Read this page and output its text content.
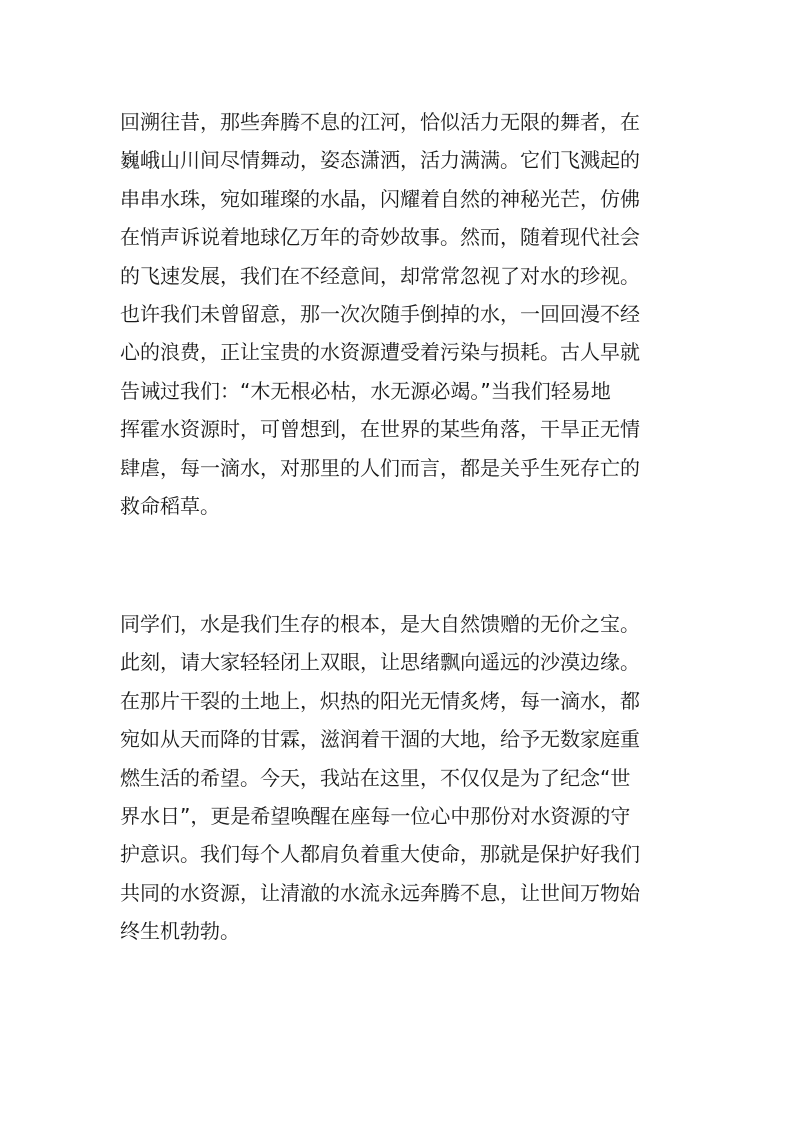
回溯往昔，那些奔腾不息的江河，恰似活力无限的舞者，在
巍峨山川间尽情舞动，姿态潇洒，活力满满。它们飞溅起的
串串水珠，宛如璀璨的水晶，闪耀着自然的神秘光芒，仿佛
在悄声诉说着地球亿万年的奇妙故事。然而，随着现代社会
的飞速发展，我们在不经意间，却常常忽视了对水的珍视。
也许我们未曾留意，那一次次随手倒掉的水，一回回漫不经
心的浪费，正让宝贵的水资源遭受着污染与损耗。古人早就
告诫过我们：“木无根必枯，水无源必竭。”当我们轻易地
挥霍水资源时，可曾想到，在世界的某些角落，干旱正无情
肆虐，每一滴水，对那里的人们而言，都是关乎生死存亡的
救命稻草。

同学们，水是我们生存的根本，是大自然馈赠的无价之宝。
此刻，请大家轻轻闭上双眼，让思绪飘向遥远的沙漠边缘。
在那片干裂的土地上，炽热的阳光无情炙烤，每一滴水，都
宛如从天而降的甘霖，滋润着干涸的大地，给予无数家庭重
燃生活的希望。今天，我站在这里，不仅仅是为了纪念“世
界水日”，更是希望唤醒在座每一位心中那份对水资源的守
护意识。我们每个人都肩负着重大使命，那就是保护好我们
共同的水资源，让清澈的水流永远奔腾不息，让世间万物始
终生机勃勃。
